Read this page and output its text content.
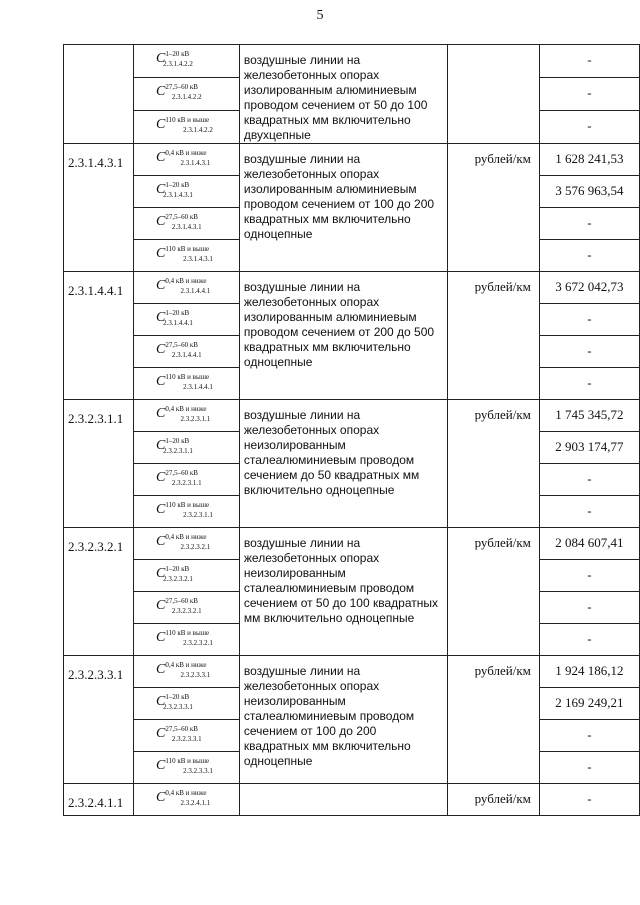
5

	$C^{1-20 кВ}_{2.3.1.4.2.2}$	воздушные линии на железобетонных опорах изолированным алюминиевым проводом сечением от 50 до 100 квадратных мм включительно двухцепные		-

	$C^{27,5-60 кВ}_{2.3.1.4.2.2}$			-

	$C^{110 кВ и выше}_{2.3.1.4.2.2}$			-

2.3.1.4.3.1	$C^{0,4 кВ и ниже}_{2.3.1.4.3.1}$	воздушные линии на железобетонных опорах изолированным алюминиевым проводом сечением от 100 до 200 квадратных мм включительно одноцепные	рублей/км	1 628 241,53

	$C^{1-20 кВ}_{2.3.1.4.3.1}$			3 576 963,54

	$C^{27,5-60 кВ}_{2.3.1.4.3.1}$			-

	$C^{110 кВ и выше}_{2.3.1.4.3.1}$			-

2.3.1.4.4.1	$C^{0,4 кВ и ниже}_{2.3.1.4.4.1}$	воздушные линии на железобетонных опорах изолированным алюминиевым проводом сечением от 200 до 500 квадратных мм включительно одноцепные	рублей/км	3 672 042,73

	$C^{1-20 кВ}_{2.3.1.4.4.1}$			-

	$C^{27,5-60 кВ}_{2.3.1.4.4.1}$			-

	$C^{110 кВ и выше}_{2.3.1.4.4.1}$			-

2.3.2.3.1.1	$C^{0,4 кВ и ниже}_{2.3.2.3.1.1}$	воздушные линии на железобетонных опорах неизолированным сталеалюминиевым проводом сечением до 50 квадратных мм включительно одноцепные	рублей/км	1 745 345,72

	$C^{1-20 кВ}_{2.3.2.3.1.1}$			2 903 174,77

	$C^{27,5-60 кВ}_{2.3.2.3.1.1}$			-

	$C^{110 кВ и выше}_{2.3.2.3.1.1}$			-

2.3.2.3.2.1	$C^{0,4 кВ и ниже}_{2.3.2.3.2.1}$	воздушные линии на железобетонных опорах неизолированным сталеалюминиевым проводом сечением от 50 до 100 квадратных мм включительно одноцепные	рублей/км	2 084 607,41

	$C^{1-20 кВ}_{2.3.2.3.2.1}$			-

	$C^{27,5-60 кВ}_{2.3.2.3.2.1}$			-

	$C^{110 кВ и выше}_{2.3.2.3.2.1}$			-

2.3.2.3.3.1	$C^{0,4 кВ и ниже}_{2.3.2.3.3.1}$	воздушные линии на железобетонных опорах неизолированным сталеалюминиевым проводом сечением от 100 до 200 квадратных мм включительно одноцепные	рублей/км	1 924 186,12

	$C^{1-20 кВ}_{2.3.2.3.3.1}$			2 169 249,21

	$C^{27,5-60 кВ}_{2.3.2.3.3.1}$			-

	$C^{110 кВ и выше}_{2.3.2.3.3.1}$			-

2.3.2.4.1.1	$C^{0,4 кВ и ниже}_{2.3.2.4.1.1}$		рублей/км	-
